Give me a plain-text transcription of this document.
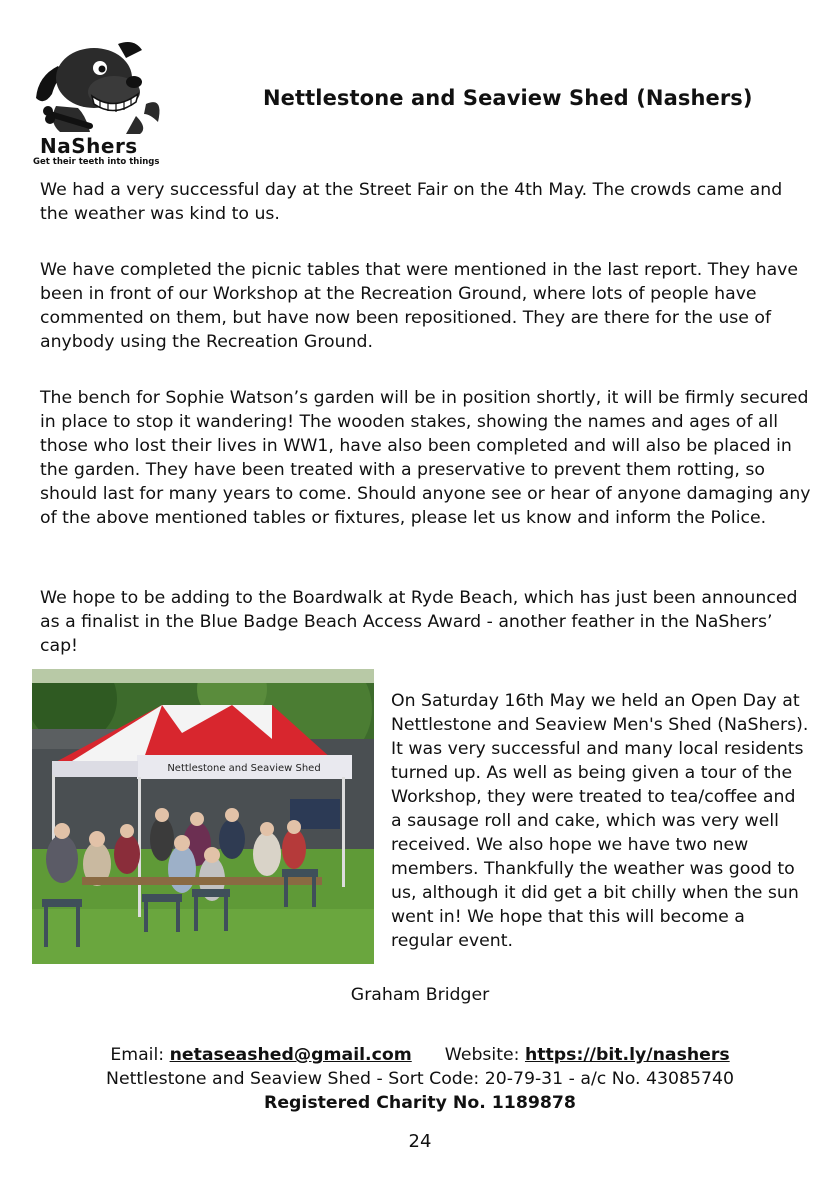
NaShers
Get their teeth into things
Nettlestone and Seaview Shed (Nashers)

We had a very successful day at the Street Fair on the 4th May. The crowds came and the weather was kind to us.

We have completed the picnic tables that were mentioned in the last report. They have been in front of our Workshop at the Recreation Ground, where lots of people have commented on them, but have now been repositioned. They are there for the use of anybody using the Recreation Ground.

The bench for Sophie Watson’s garden will be in position shortly, it will be firmly secured in place to stop it wandering! The wooden stakes, showing the names and ages of all those who lost their lives in WW1, have also been completed and will also be placed in the garden. They have been treated with a preservative to prevent them rotting, so should last for many years to come. Should anyone see or hear of anyone damaging any of the above mentioned tables or fixtures, please let us know and inform the Police.

We hope to be adding to the Boardwalk at Ryde Beach, which has just been announced as a finalist in the Blue Badge Beach Access Award - another feather in the NaShers’ cap!

Nettlestone and Seaview Shed

On Saturday 16th May we held an Open Day at Nettlestone and Seaview Men's Shed (NaShers). It was very successful and many local residents turned up. As well as being given a tour of the Workshop, they were treated to tea/coffee and a sausage roll and cake, which was very well received. We also hope we have two new members. Thankfully the weather was good to us, although it did get a bit chilly when the sun went in! We hope that this will become a regular event.

Graham Bridger
Email: netaseashed@gmail.com Website: https://bit.ly/nashers
Nettlestone and Seaview Shed - Sort Code: 20-79-31 - a/c No. 43085740
Registered Charity No. 1189878
24
